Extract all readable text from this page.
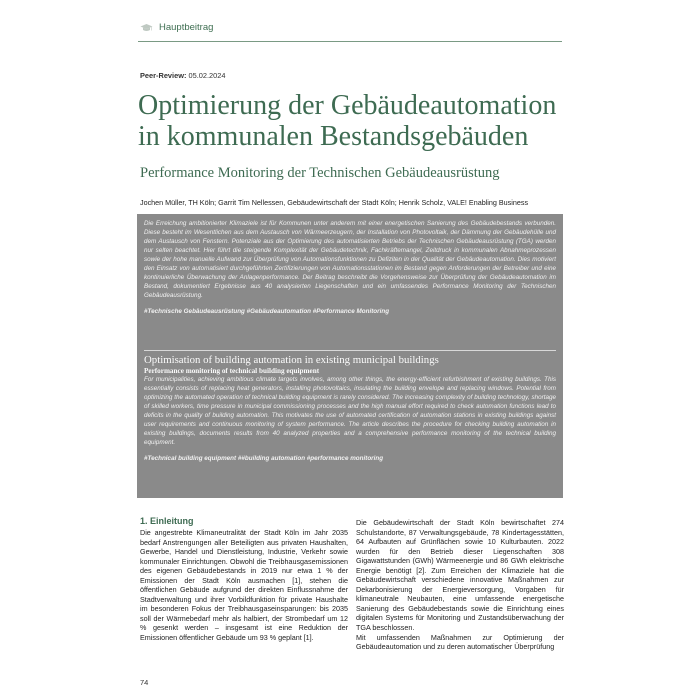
Hauptbeitrag
Peer-Review: 05.02.2024
Optimierung der Gebäudeautomation
in kommunalen Bestandsgebäuden
Performance Monitoring der Technischen Gebäudeausrüstung
Jochen Müller, TH Köln; Garrit Tim Nellessen, Gebäudewirtschaft der Stadt Köln; Henrik Scholz, VALE! Enabling Business

Die Erreichung ambitionierter Klimaziele ist für Kommunen unter anderem mit einer energetischen Sanierung des Gebäudebestands verbunden. Diese besteht im Wesentlichen aus dem Austausch von Wärmeerzeugern, der Installation von Photovoltaik, der Dämmung der Gebäudehülle und dem Austausch von Fenstern. Potenziale aus der Optimierung des automatisierten Betriebs der Technischen Gebäudeausrüstung (TGA) werden nur selten beachtet. Hier führt die steigende Komplexität der Gebäudetechnik, Fachkräftemangel, Zeitdruck in kommunalen Abnahmeprozessen sowie der hohe manuelle Aufwand zur Überprüfung von Automationsfunktionen zu Defiziten in der Qualität der Gebäudeautomation. Dies motiviert den Einsatz von automatisiert durchgeführten Zertifizierungen von Automationsstationen im Bestand gegen Anforderungen der Betreiber und eine kontinuierliche Überwachung der Anlagenperformance. Der Beitrag beschreibt die Vorgehensweise zur Überprüfung der Gebäudeautomation im Bestand, dokumentiert Ergebnisse aus 40 analysierten Liegenschaften und ein umfassendes Performance Monitoring der Technischen Gebäudeausrüstung.

#Technische Gebäudeausrüstung #Gebäudeautomation #Performance Monitoring
Optimisation of building automation in existing municipal buildings
Performance monitoring of technical building equipment

For municipalities, achieving ambitious climate targets involves, among other things, the energy-efficient refurbishment of existing buildings. This essentially consists of replacing heat generators, installing photovoltaics, insulating the building envelope and replacing windows. Potential from optimizing the automated operation of technical building equipment is rarely considered. The increasing complexity of building technology, shortage of skilled workers, time pressure in municipal commissioning processes and the high manual effort required to check automation functions lead to deficits in the quality of building automation. This motivates the use of automated certification of automation stations in existing buildings against user requirements and continuous monitoring of system performance. The article describes the procedure for checking building automation in existing buildings, documents results from 40 analyzed properties and a comprehensive performance monitoring of the technical building equipment.

#Technical building equipment ##building automation #performance monitoring
1. Einleitung

Die angestrebte Klimaneutralität der Stadt Köln im Jahr 2035 bedarf Anstrengungen aller Beteiligten aus privaten Haushalten, Gewerbe, Handel und Dienstleistung, Industrie, Verkehr sowie kommunaler Einrichtungen. Obwohl die Treibhausgasemissionen des eigenen Gebäudebestands in 2019 nur etwa 1 % der Emissionen der Stadt Köln ausmachen [1], stehen die öffentlichen Gebäude aufgrund der direkten Einflussnahme der Stadtverwaltung und ihrer Vorbildfunktion für private Haushalte im besonderen Fokus der Treibhausgaseinsparungen: bis 2035 soll der Wärmebedarf mehr als halbiert, der Strombedarf um 12 % gesenkt werden – insgesamt ist eine Reduktion der Emissionen öffentlicher Gebäude um 93 % geplant [1].

Die Gebäudewirtschaft der Stadt Köln bewirtschaftet 274 Schulstandorte, 87 Verwaltungsgebäude, 78 Kindertagesstätten, 64 Aufbauten auf Grünflächen sowie 10 Kulturbauten. 2022 wurden für den Betrieb dieser Liegenschaften 308 Gigawattstunden (GWh) Wärmeenergie und 86 GWh elektrische Energie benötigt [2]. Zum Erreichen der Klimaziele hat die Gebäudewirtschaft verschiedene innovative Maßnahmen zur Dekarbonisierung der Energieversorgung, Vorgaben für klimaneutrale Neubauten, eine umfassende energetische Sanierung des Gebäudebestands sowie die Einrichtung eines digitalen Systems für Monitoring und Zustandsüberwachung der TGA beschlossen.

Mit umfassenden Maßnahmen zur Optimierung der Gebäudeautomation und zu deren automatischer Überprüfung

74
